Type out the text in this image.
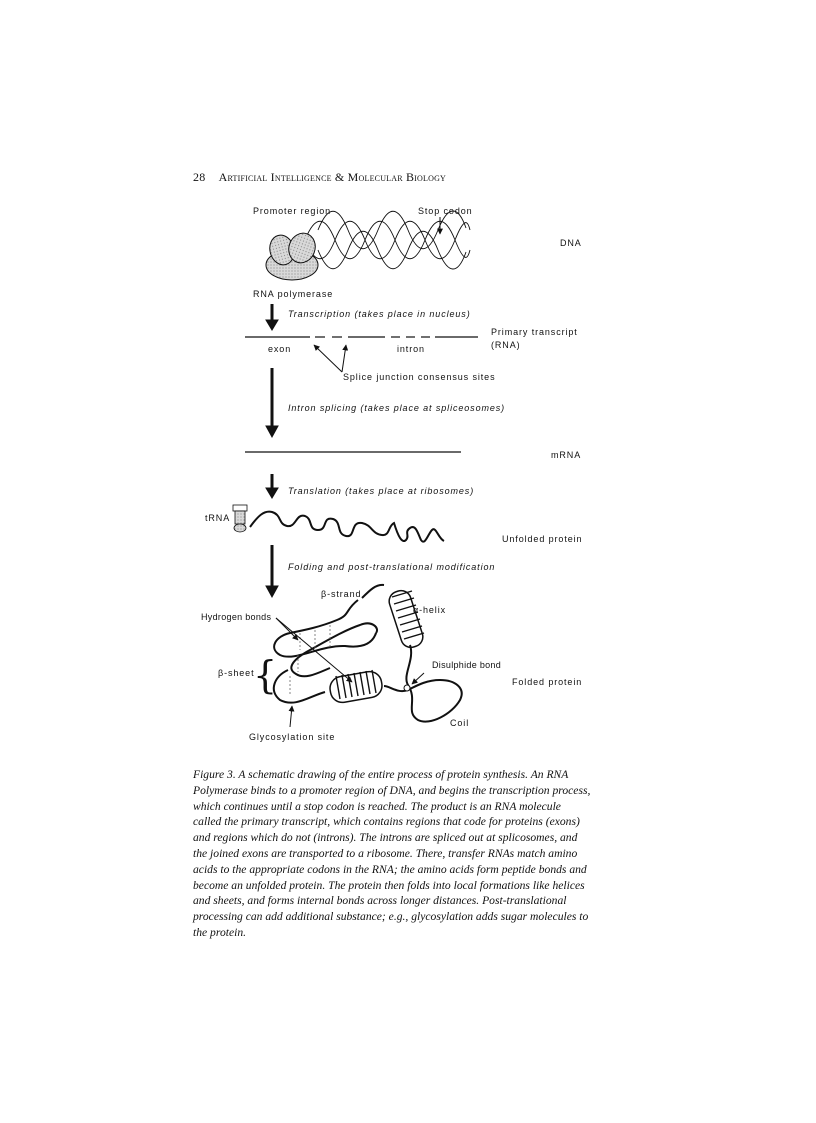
28 Artificial Intelligence & Molecular Biology
Promoter region	Stop codon
DNA
RNA polymerase
Transcription (takes place in nucleus)
Primary transcript
(RNA)
exon	intron
Splice junction consensus sites
Intron splicing (takes place at spliceosomes)
mRNA
Translation (takes place at ribosomes)
tRNA
Unfolded protein
Folding and post-translational modification
β-strand
α-helix
Hydrogen bonds
Disulphide bond
β-sheet
{	Folded protein
Coil
Glycosylation site
Figure 3. A schematic drawing of the entire process of protein synthesis. An RNA
Polymerase binds to a promoter region of DNA, and begins the transcription process,
which continues until a stop codon is reached. The product is an RNA molecule
called the primary transcript, which contains regions that code for proteins (exons)
and regions which do not (introns). The introns are spliced out at splicosomes, and
the joined exons are transported to a ribosome. There, transfer RNAs match amino
acids to the appropriate codons in the RNA; the amino acids form peptide bonds and
become an unfolded protein. The protein then folds into local formations like helices
and sheets, and forms internal bonds across longer distances. Post-translational
processing can add additional substance; e.g., glycosylation adds sugar molecules to
the protein.
